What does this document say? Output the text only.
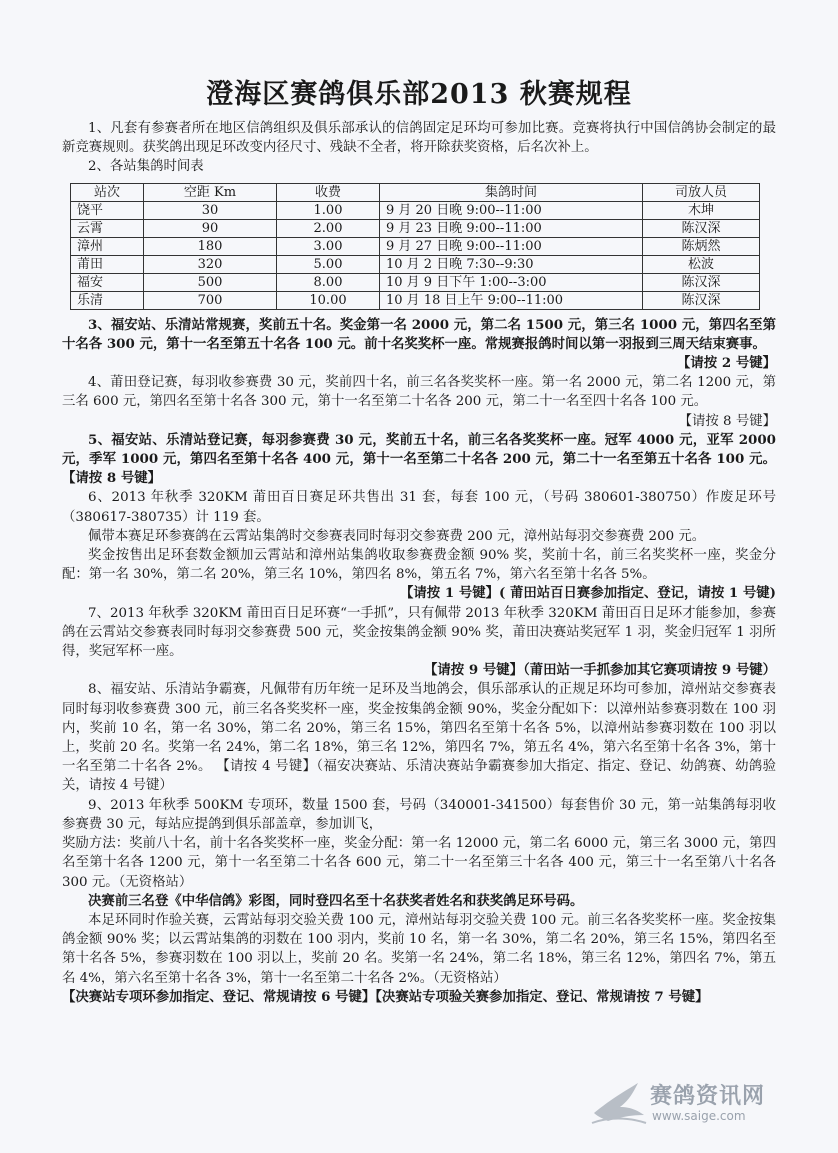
澄海区赛鸽俱乐部2013 秋赛规程

1、凡套有参赛者所在地区信鸽组织及俱乐部承认的信鸽固定足环均可参加比赛。竞赛将执行中国信鸽协会制定的最新竞赛规则。获奖鸽出现足环改变内径尺寸、残缺不全者，将开除获奖资格，后名次补上。

2、各站集鸽时间表

站次	空距 Km	收费	集鸽时间	司放人员
饶平	30	1.00	9 月 20 日晚 9:00--11:00	木坤
云霄	90	2.00	9 月 23 日晚 9:00--11:00	陈汉深
漳州	180	3.00	9 月 27 日晚 9:00--11:00	陈炳然
莆田	320	5.00	10 月 2 日晚 7:30--9:30	松波
福安	500	8.00	10 月 9 日下午 1:00--3:00	陈汉深
乐清	700	10.00	10 月 18 日上午 9:00--11:00	陈汉深

3、福安站、乐清站常规赛，奖前五十名。奖金第一名 2000 元，第二名 1500 元，第三名 1000 元，第四名至第十名各 300 元，第十一名至第五十名各 100 元。前十名奖奖杯一座。常规赛报鸽时间以第一羽报到三周天结束赛事。
【请按 2 号键】

4、莆田登记赛，每羽收参赛费 30 元，奖前四十名，前三名各奖奖杯一座。第一名 2000 元，第二名 1200 元，第三名 600 元，第四名至第十名各 300 元，第十一名至第二十名各 200 元，第二十一名至四十名各 100 元。
【请按 8 号键】

5、福安站、乐清站登记赛，每羽参赛费 30 元，奖前五十名，前三名各奖奖杯一座。冠军 4000 元，亚军 2000 元，季军 1000 元，第四名至第十名各 400 元，第十一名至第二十名各 200 元，第二十一名至第五十名各 100 元。 【请按 8 号键】

6、2013 年秋季 320KM 莆田百日赛足环共售出 31 套，每套 100 元，（号码 380601-380750）作废足环号（380617-380735）计 119 套。

佩带本赛足环参赛鸽在云霄站集鸽时交参赛表同时每羽交参赛费 200 元，漳州站每羽交参赛费 200 元。

奖金按售出足环套数金额加云霄站和漳州站集鸽收取参赛费金额 90% 奖，奖前十名，前三名奖奖杯一座，奖金分配：第一名 30%，第二名 20%，第三名 10%，第四名 8%，第五名 7%，第六名至第十名各 5%。

【请按 1 号键】( 莆田站百日赛参加指定、登记，请按 1 号键)

7、2013 年秋季 320KM 莆田百日足环赛“一手抓”，只有佩带 2013 年秋季 320KM 莆田百日足环才能参加，参赛鸽在云霄站交参赛表同时每羽交参赛费 500 元，奖金按集鸽金额 90% 奖，莆田决赛站奖冠军 1 羽，奖金归冠军 1 羽所得，奖冠军杯一座。

【请按 9 号键】（莆田站一手抓参加其它赛项请按 9 号键）

8、福安站、乐清站争霸赛，凡佩带有历年统一足环及当地鸽会，俱乐部承认的正规足环均可参加，漳州站交参赛表同时每羽收参赛费 300 元，前三名各奖奖杯一座，奖金按集鸽金额 90%，奖金分配如下：以漳州站参赛羽数在 100 羽内，奖前 10 名，第一名 30%，第二名 20%，第三名 15%，第四名至第十名各 5%，以漳州站参赛羽数在 100 羽以上，奖前 20 名。奖第一名 24%，第二名 18%，第三名 12%，第四名 7%，第五名 4%，第六名至第十名各 3%，第十一名至第二十名各 2%。 【请按 4 号键】（福安决赛站、乐清决赛站争霸赛参加大指定、指定、登记、幼鸽赛、幼鸽验关，请按 4 号键）

9、2013 年秋季 500KM 专项环，数量 1500 套，号码（340001-341500）每套售价 30 元，第一站集鸽每羽收参赛费 30 元，每站应提鸽到俱乐部盖章，参加训飞，

奖励方法：奖前八十名，前十名各奖奖杯一座，奖金分配：第一名 12000 元，第二名 6000 元，第三名 3000 元，第四名至第十名各 1200 元，第十一名至第二十名各 600 元，第二十一名至第三十名各 400 元，第三十一名至第八十名各 300 元。（无资格站）

决赛前三名登《中华信鸽》彩图，同时登四名至十名获奖者姓名和获奖鸽足环号码。

本足环同时作验关赛，云霄站每羽交验关费 100 元，漳州站每羽交验关费 100 元。前三名各奖奖杯一座。奖金按集鸽金额 90% 奖；以云霄站集鸽的羽数在 100 羽内，奖前 10 名，第一名 30%，第二名 20%，第三名 15%，第四名至第十名各 5%，参赛羽数在 100 羽以上，奖前 20 名。奖第一名 24%，第二名 18%，第三名 12%，第四名 7%，第五名 4%，第六名至第十名各 3%，第十一名至第二十名各 2%。（无资格站）

【决赛站专项环参加指定、登记、常规请按 6 号键】【决赛站专项验关赛参加指定、登记、常规请按 7 号键】

赛鸽资讯网
www.saige.com
